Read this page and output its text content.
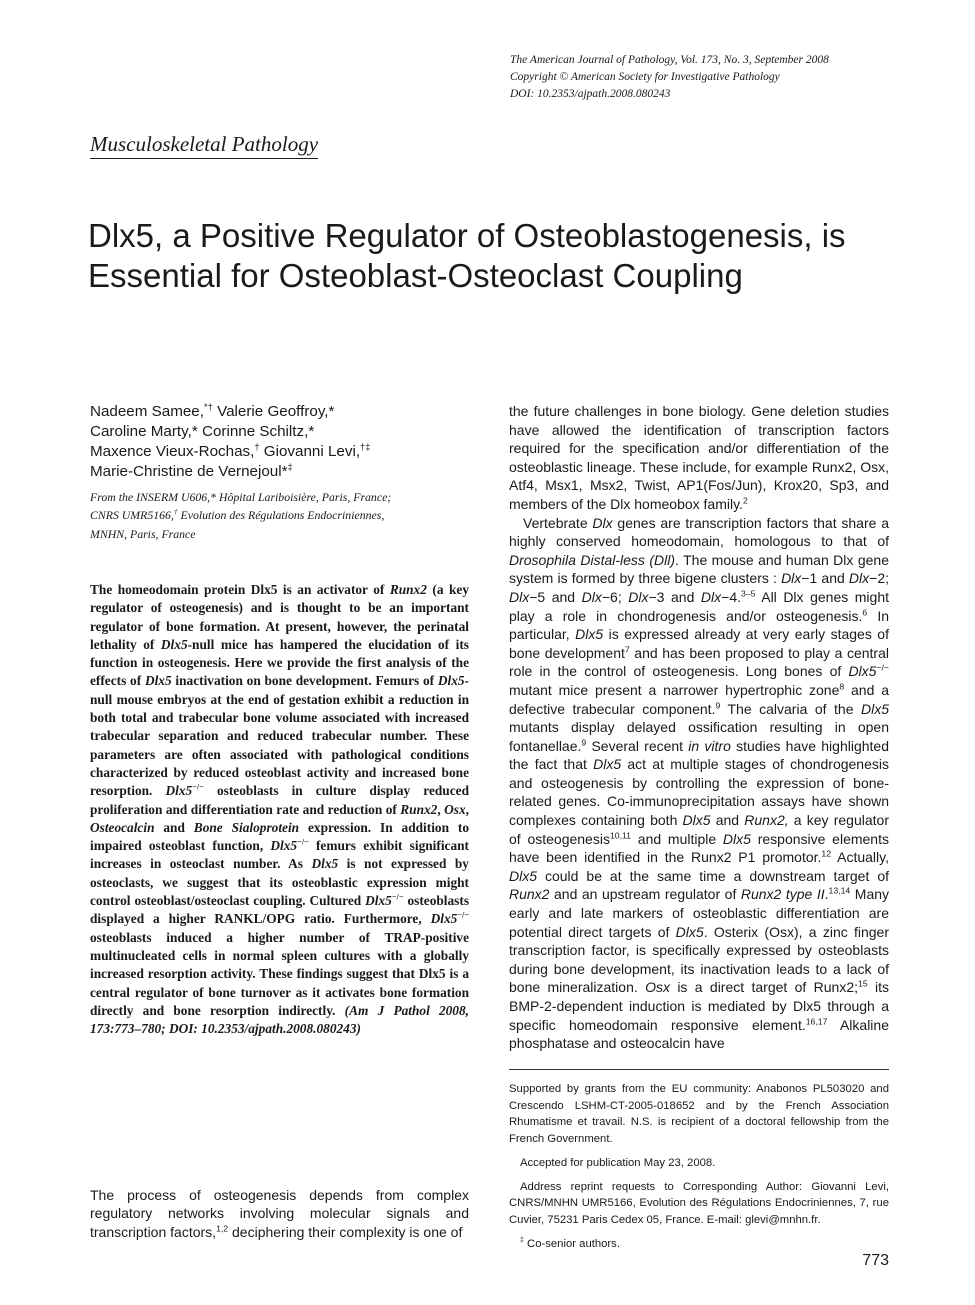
The American Journal of Pathology, Vol. 173, No. 3, September 2008
Copyright © American Society for Investigative Pathology
DOI: 10.2353/ajpath.2008.080243
Musculoskeletal Pathology
Dlx5, a Positive Regulator of Osteoblastogenesis, is
Essential for Osteoblast-Osteoclast Coupling
Nadeem Samee,*† Valerie Geoffroy,*
Caroline Marty,* Corinne Schiltz,*
Maxence Vieux-Rochas,† Giovanni Levi,†‡
Marie-Christine de Vernejoul*‡
From the INSERM U606,* Hôpital Lariboisière, Paris, France;
CNRS UMR5166,† Evolution des Régulations Endocriniennes,
MNHN, Paris, France

The homeodomain protein Dlx5 is an activator of Runx2 (a key regulator of osteogenesis) and is thought to be an important regulator of bone formation. At present, however, the perinatal lethality of Dlx5-null mice has hampered the elucidation of its function in osteogenesis. Here we provide the first analysis of the effects of Dlx5 inactivation on bone development. Femurs of Dlx5-null mouse embryos at the end of gestation exhibit a reduction in both total and trabecular bone volume associated with increased trabecular separation and reduced trabecular number. These parameters are often associated with pathological conditions characterized by reduced osteoblast activity and increased bone resorption. Dlx5−/− osteoblasts in culture display reduced proliferation and differentiation rate and reduction of Runx2, Osx, Osteocalcin and Bone Sialoprotein expression. In addition to impaired osteoblast function, Dlx5−/− femurs exhibit significant increases in osteoclast number. As Dlx5 is not expressed by osteoclasts, we suggest that its osteoblastic expression might control osteoblast/osteoclast coupling. Cultured Dlx5−/− osteoblasts displayed a higher RANKL/OPG ratio. Furthermore, Dlx5−/− osteoblasts induced a higher number of TRAP-positive multinucleated cells in normal spleen cultures with a globally increased resorption activity. These findings suggest that Dlx5 is a central regulator of bone turnover as it activates bone formation directly and bone resorption indirectly. (Am J Pathol 2008, 173:773–780; DOI: 10.2353/ajpath.2008.080243)

The process of osteogenesis depends from complex regulatory networks involving molecular signals and transcription factors,$^{1,2}$ deciphering their complexity is one of

the future challenges in bone biology. Gene deletion studies have allowed the identification of transcription factors required for the specification and/or differentiation of the osteoblastic lineage. These include, for example Runx2, Osx, Atf4, Msx1, Msx2, Twist, AP1(Fos/Jun), Krox20, Sp3, and members of the Dlx homeobox family.$^2$

Vertebrate Dlx genes are transcription factors that share a highly conserved homeodomain, homologous to that of Drosophila Distal-less (Dll). The mouse and human Dlx gene system is formed by three bigene clusters : Dlx−1 and Dlx−2; Dlx−5 and Dlx−6; Dlx−3 and Dlx−4.$^{3-5}$ All Dlx genes might play a role in chondrogenesis and/or osteogenesis.$^6$ In particular, Dlx5 is expressed already at very early stages of bone development$^7$ and has been proposed to play a central role in the control of osteogenesis. Long bones of Dlx5−/− mutant mice present a narrower hypertrophic zone$^8$ and a defective trabecular component.$^9$ The calvaria of the Dlx5 mutants display delayed ossification resulting in open fontanellae.$^9$ Several recent in vitro studies have highlighted the fact that Dlx5 act at multiple stages of chondrogenesis and osteogenesis by controlling the expression of bone-related genes. Co-immunoprecipitation assays have shown complexes containing both Dlx5 and Runx2, a key regulator of osteogenesis$^{10,11}$ and multiple Dlx5 responsive elements have been identified in the Runx2 P1 promotor.$^{12}$ Actually, Dlx5 could be at the same time a downstream target of Runx2 and an upstream regulator of Runx2 type II.$^{13,14}$ Many early and late markers of osteoblastic differentiation are potential direct targets of Dlx5. Osterix (Osx), a zinc finger transcription factor, is specifically expressed by osteoblasts during bone development, its inactivation leads to a lack of bone mineralization. Osx is a direct target of Runx2;$^{15}$ its BMP-2-dependent induction is mediated by Dlx5 through a specific homeodomain responsive element.$^{16,17}$ Alkaline phosphatase and osteocalcin have

Supported by grants from the EU community: Anabonos PL503020 and Crescendo LSHM-CT-2005-018652 and by the French Association Rhumatisme et travail. N.S. is recipient of a doctoral fellowship from the French Government.

Accepted for publication May 23, 2008.

Address reprint requests to Corresponding Author: Giovanni Levi, CNRS/MNHN UMR5166, Evolution des Régulations Endocriniennes, 7, rue Cuvier, 75231 Paris Cedex 05, France. E-mail: glevi@mnhn.fr.

‡ Co-senior authors.

773
